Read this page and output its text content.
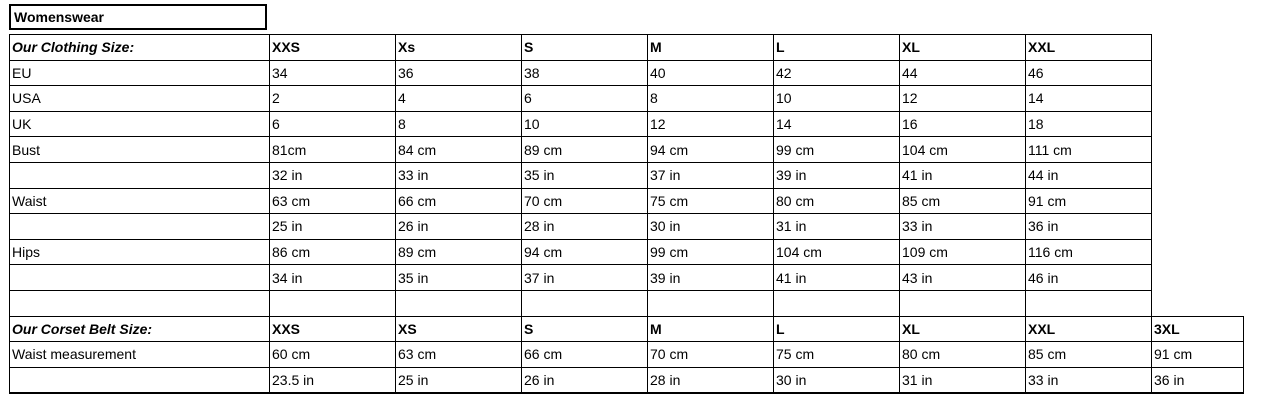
Womenswear
Our Clothing Size:	XXS	Xs	S	M	L	XL	XXL	
EU	34	36	38	40	42	44	46	
USA	2	4	6	8	10	12	14	
UK	6	8	10	12	14	16	18	
Bust	81cm	84 cm	89 cm	94 cm	99 cm	104 cm	111 cm	
	32 in	33 in	35 in	37 in	39 in	41 in	44 in	
Waist	63 cm	66 cm	70 cm	75 cm	80 cm	85 cm	91 cm	
	25 in	26 in	28 in	30 in	31 in	33 in	36 in	
Hips	86 cm	89 cm	94 cm	99 cm	104 cm	109 cm	116 cm	
	34 in	35 in	37 in	39 in	41 in	43 in	46 in	

Our Corset Belt Size:	XXS	XS	S	M	L	XL	XXL	3XL
Waist measurement	60 cm	63 cm	66 cm	70 cm	75 cm	80 cm	85 cm	91 cm
	23.5 in	25 in	26 in	28 in	30 in	31 in	33 in	36 in
